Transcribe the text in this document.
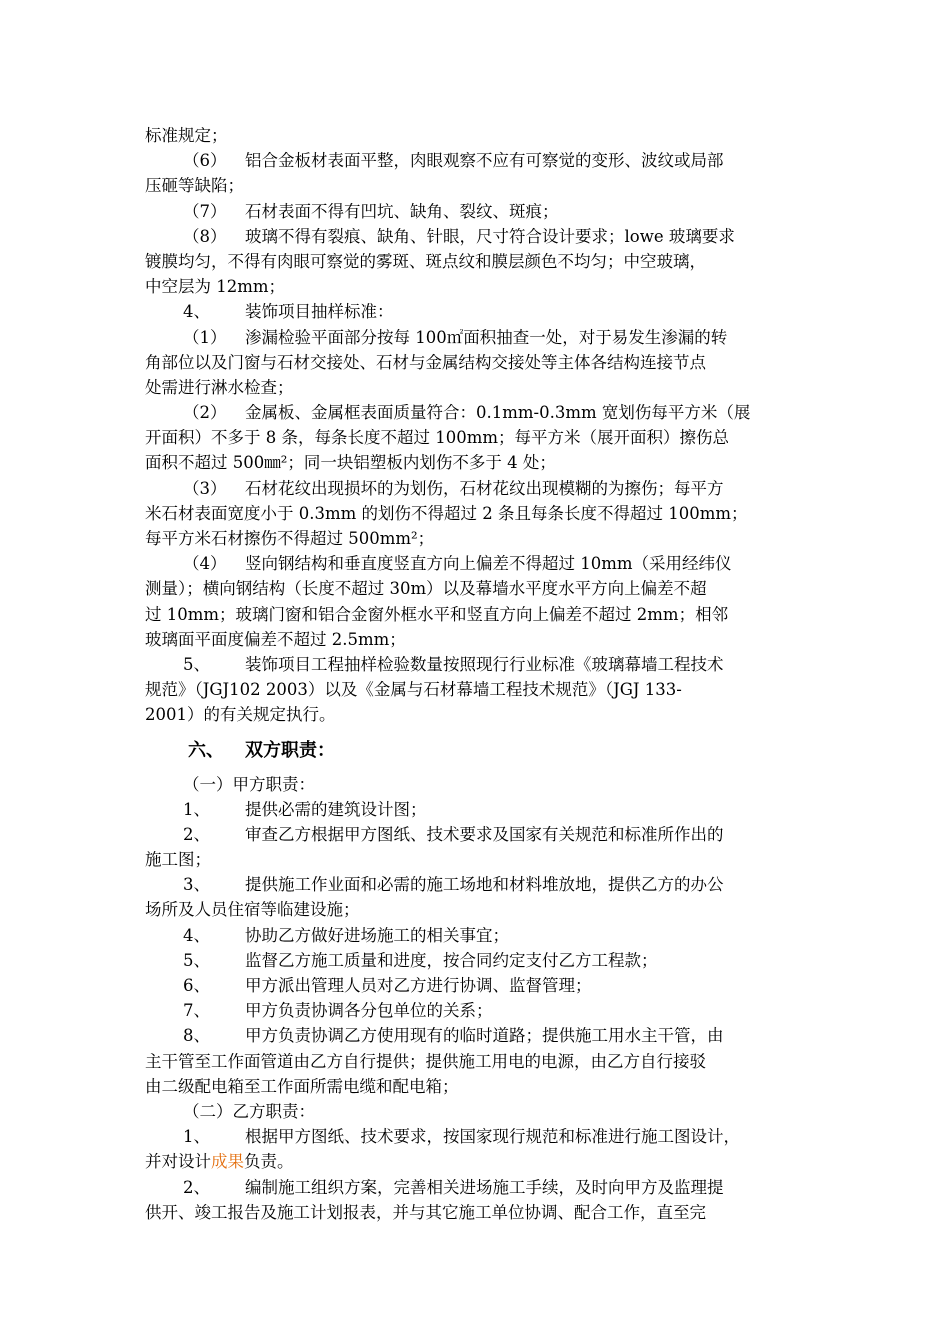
标准规定；
（6） 铝合金板材表面平整，肉眼观察不应有可察觉的变形、波纹或局部
压砸等缺陷；
（7） 石材表面不得有凹坑、缺角、裂纹、斑痕；
（8） 玻璃不得有裂痕、缺角、针眼，尺寸符合设计要求；lowe 玻璃要求
镀膜均匀，不得有肉眼可察觉的雾斑、斑点纹和膜层颜色不均匀；中空玻璃，
中空层为 12mm；
4、 装饰项目抽样标准：
（1） 渗漏检验平面部分按每 100㎡面积抽查一处，对于易发生渗漏的转
角部位以及门窗与石材交接处、石材与金属结构交接处等主体各结构连接节点
处需进行淋水检查；
（2） 金属板、金属框表面质量符合：0.1mm-0.3mm 宽划伤每平方米（展
开面积）不多于 8 条，每条长度不超过 100mm；每平方米（展开面积）擦伤总
面积不超过 500㎜²；同一块铝塑板内划伤不多于 4 处；
（3） 石材花纹出现损坏的为划伤，石材花纹出现模糊的为擦伤；每平方
米石材表面宽度小于 0.3mm 的划伤不得超过 2 条且每条长度不得超过 100mm；
每平方米石材擦伤不得超过 500mm²；
（4） 竖向钢结构和垂直度竖直方向上偏差不得超过 10mm（采用经纬仪
测量）；横向钢结构（长度不超过 30m）以及幕墙水平度水平方向上偏差不超
过 10mm；玻璃门窗和铝合金窗外框水平和竖直方向上偏差不超过 2mm；相邻
玻璃面平面度偏差不超过 2.5mm；
5、 装饰项目工程抽样检验数量按照现行行业标准《玻璃幕墙工程技术
规范》（JGJ102 2003）以及《金属与石材幕墙工程技术规范》（JGJ 133-
2001）的有关规定执行。
六、 双方职责：
（一）甲方职责：
1、 提供必需的建筑设计图；
2、 审查乙方根据甲方图纸、技术要求及国家有关规范和标准所作出的
施工图；
3、 提供施工作业面和必需的施工场地和材料堆放地，提供乙方的办公
场所及人员住宿等临建设施；
4、 协助乙方做好进场施工的相关事宜；
5、 监督乙方施工质量和进度，按合同约定支付乙方工程款；
6、 甲方派出管理人员对乙方进行协调、监督管理；
7、 甲方负责协调各分包单位的关系；
8、 甲方负责协调乙方使用现有的临时道路；提供施工用水主干管，由
主干管至工作面管道由乙方自行提供；提供施工用电的电源，由乙方自行接驳
由二级配电箱至工作面所需电缆和配电箱；
（二）乙方职责：
1、 根据甲方图纸、技术要求，按国家现行规范和标准进行施工图设计，
并对设计成果负责。
2、 编制施工组织方案，完善相关进场施工手续，及时向甲方及监理提
供开、竣工报告及施工计划报表，并与其它施工单位协调、配合工作，直至完
